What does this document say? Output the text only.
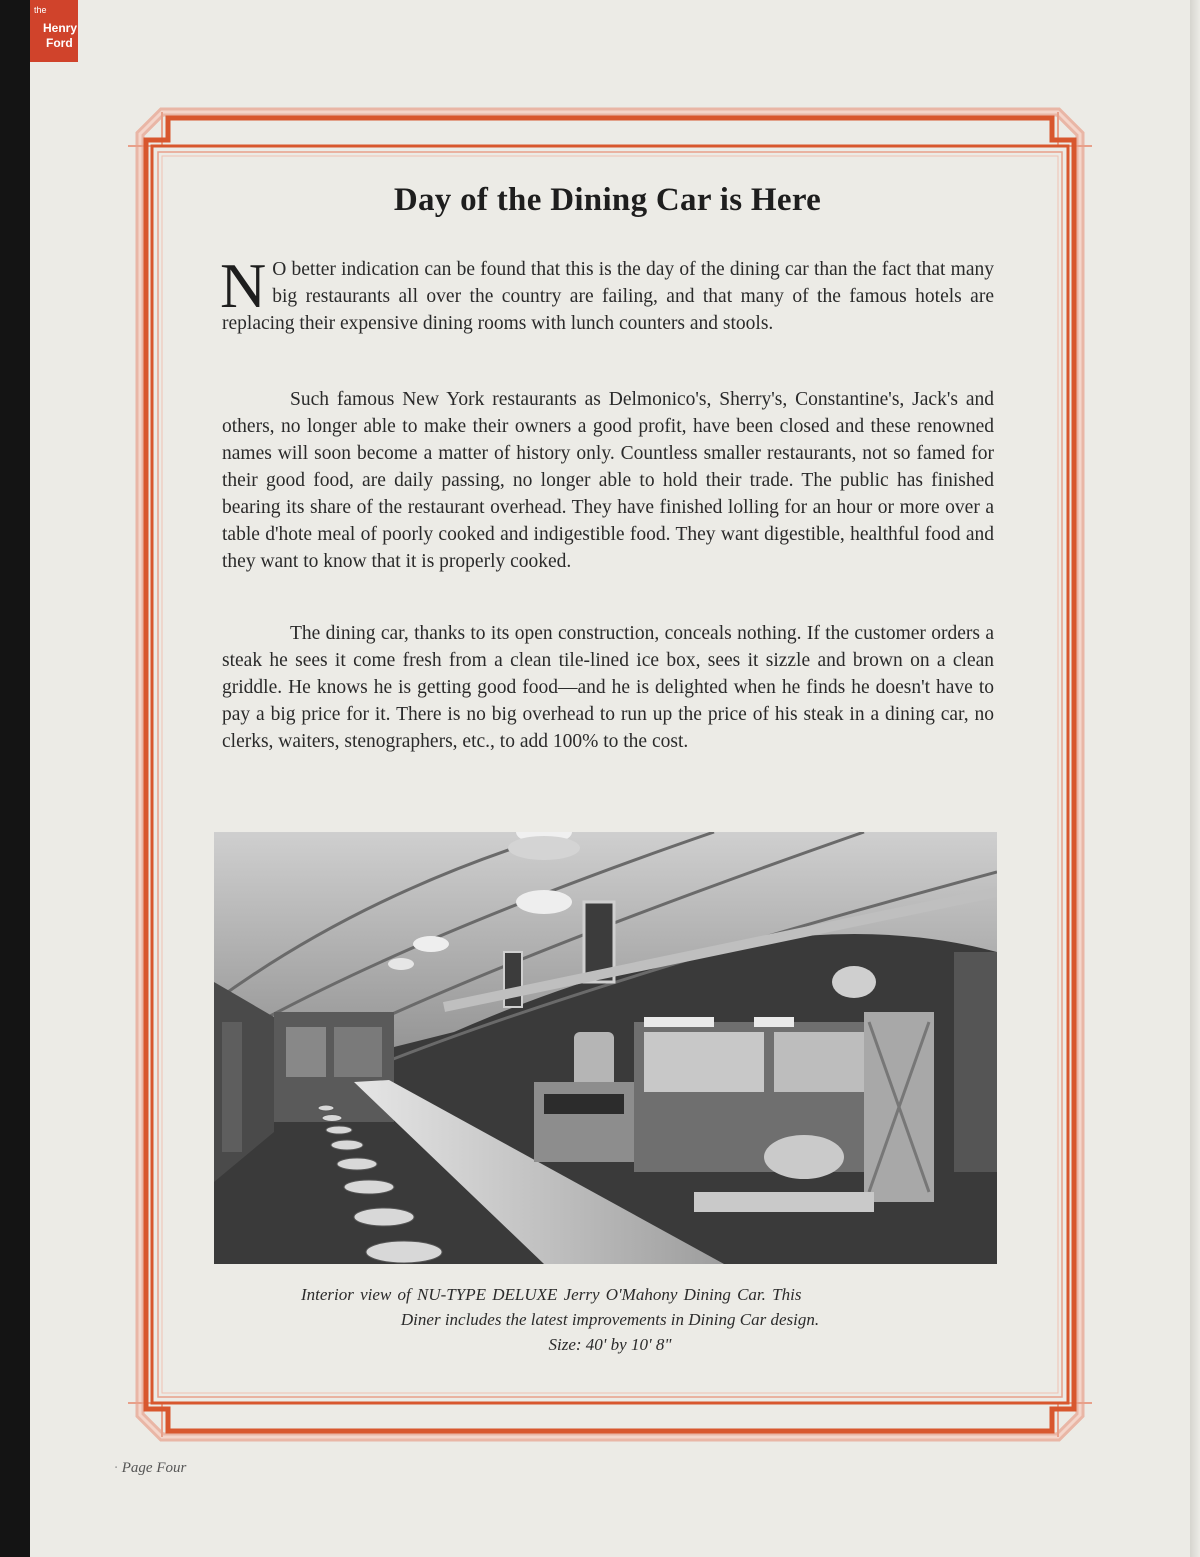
the
Henry
Ford
Day of the Dining Car is Here

N O better indication can be found that this is the day of the dining car than the fact that many big restaurants all over the country are failing, and that many of the famous hotels are replacing their expensive dining rooms with lunch counters and stools.

Such famous New York restaurants as Delmonico's, Sherry's, Constantine's, Jack's and others, no longer able to make their owners a good profit, have been closed and these renowned names will soon become a matter of history only. Countless smaller restaurants, not so famed for their good food, are daily passing, no longer able to hold their trade. The public has finished bearing its share of the restaurant overhead. They have finished lolling for an hour or more over a table d'hote meal of poorly cooked and indigestible food. They want digestible, healthful food and they want to know that it is properly cooked.

The dining car, thanks to its open construction, conceals nothing. If the customer orders a steak he sees it come fresh from a clean tile-lined ice box, sees it sizzle and brown on a clean griddle. He knows he is getting good food—and he is delighted when he finds he doesn't have to pay a big price for it. There is no big overhead to run up the price of his steak in a dining car, no clerks, waiters, stenographers, etc., to add 100% to the cost.

Interior view of NU-TYPE DELUXE Jerry O'Mahony Dining Car. This
Diner includes the latest improvements in Dining Car design.
Size: 40' by 10' 8"
· Page Four
